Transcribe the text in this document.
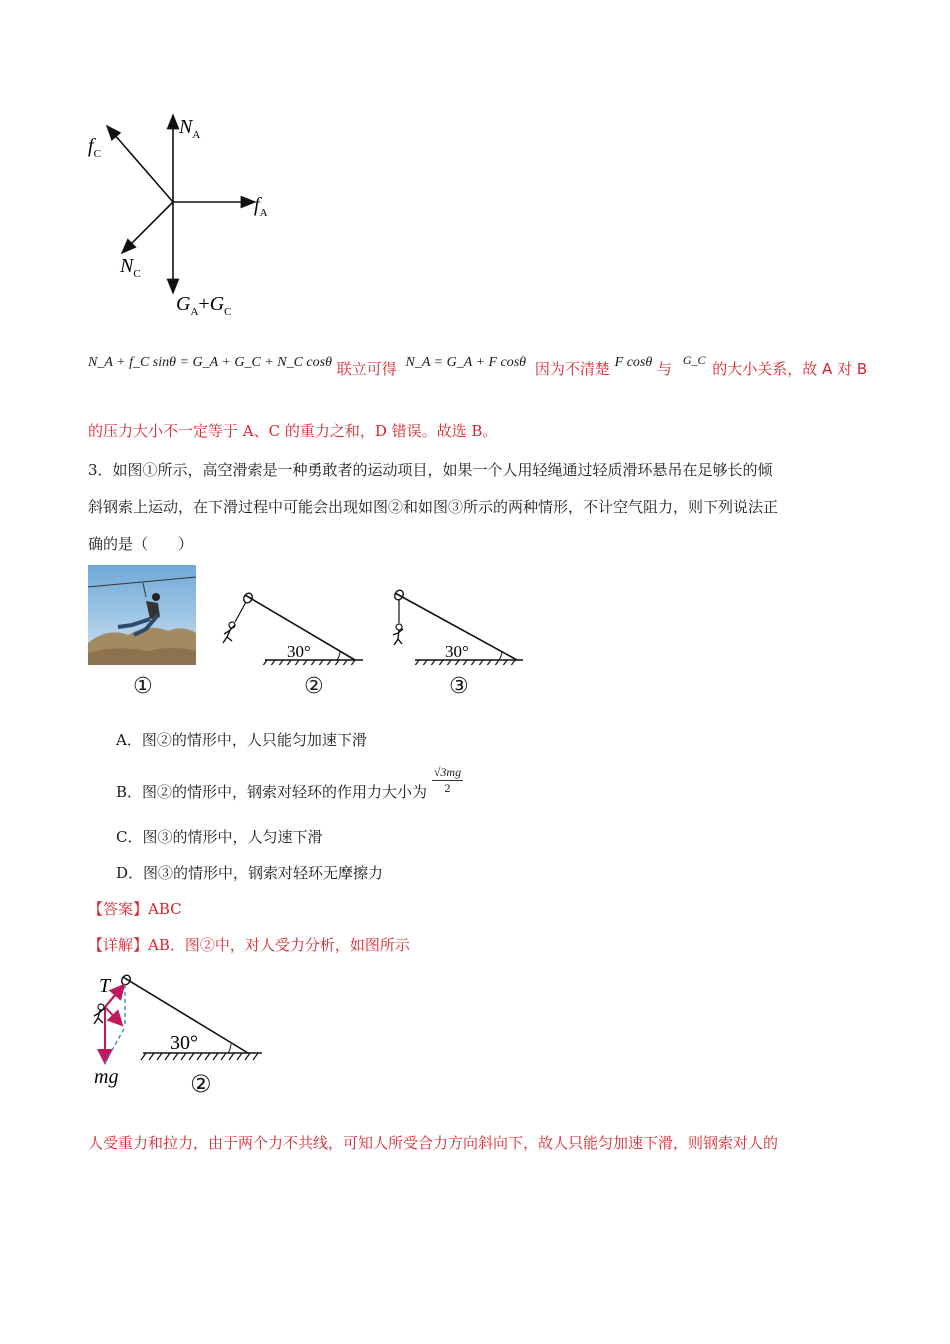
$N_A$
$f_C$
$f_A$
$N_C$
$G_A+G_C$
N_A + f_C sinθ = G_A + G_C + N_C cosθ 联立可得 N_A = G_A + F cosθ 因为不清楚 F cosθ 与 $^{G\_C}$ 的大小关系，故 A 对 B
的压力大小不一定等于 A、C 的重力之和，D 错误。故选 B。
3．如图①所示，高空滑索是一种勇敢者的运动项目，如果一个人用轻绳通过轻质滑环悬吊在足够长的倾
斜钢索上运动，在下滑过程中可能会出现如图②和如图③所示的两种情形，不计空气阻力，则下列说法正
确的是（　　）
30°	30°
①	②	③
A．图②的情形中，人只能匀加速下滑
B．图②的情形中，钢索对轻环的作用力大小为 $\frac{√3mg}{2}$
C．图③的情形中，人匀速下滑
D．图③的情形中，钢索对轻环无摩擦力
【答案】ABC
【详解】AB．图②中，对人受力分析，如图所示
T
30°
mg	②
人受重力和拉力，由于两个力不共线，可知人所受合力方向斜向下，故人只能匀加速下滑，则钢索对人的
